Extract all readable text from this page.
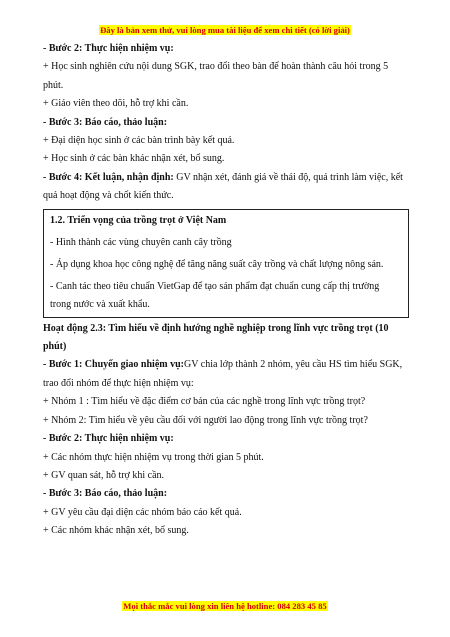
Đây là bản xem thử, vui lòng mua tài liệu để xem chi tiết (có lời giải)

- Bước 2: Thực hiện nhiệm vụ:

+ Học sinh nghiên cứu nội dung SGK, trao đổi theo bàn để hoàn thành câu hỏi trong 5 phút.

+ Giáo viên theo dõi, hỗ trợ khi cần.

- Bước 3: Báo cáo, thảo luận:

+ Đại diện học sinh ở các bàn trình bày kết quả.

+ Học sinh ở các bàn khác nhận xét, bổ sung.

- Bước 4: Kết luận, nhận định: GV nhận xét, đánh giá về thái độ, quá trình làm việc, kết quả hoạt động và chốt kiến thức.

1.2. Triển vọng của trồng trọt ở Việt Nam

- Hình thành các vùng chuyên canh cây trồng

- Áp dụng khoa học công nghệ để tăng năng suất cây trồng và chất lượng nông sản.

- Canh tác theo tiêu chuẩn VietGap để tạo sản phẩm đạt chuẩn cung cấp thị trường trong nước và xuất khẩu.

Hoạt động 2.3: Tìm hiểu về định hướng nghề nghiệp trong lĩnh vực trồng trọt (10 phút)

- Bước 1: Chuyển giao nhiệm vụ:GV chia lớp thành 2 nhóm, yêu cầu HS tìm hiểu SGK, trao đổi nhóm để thực hiện nhiệm vụ:

+ Nhóm 1 : Tìm hiểu về đặc điểm cơ bản của các nghề trong lĩnh vực trồng trọt?

+ Nhóm 2: Tìm hiểu về yêu cầu đối với người lao động trong lĩnh vực trồng trọt?

- Bước 2: Thực hiện nhiệm vụ:

+ Các nhóm thực hiện nhiệm vụ trong thời gian 5 phút.

+ GV quan sát, hỗ trợ khi cần.

- Bước 3: Báo cáo, thảo luận:

+ GV yêu cầu đại diện các nhóm báo cáo kết quả.

+ Các nhóm khác nhận xét, bổ sung.

Mọi thắc mắc vui lòng xin liên hệ hotline: 084 283 45 85
